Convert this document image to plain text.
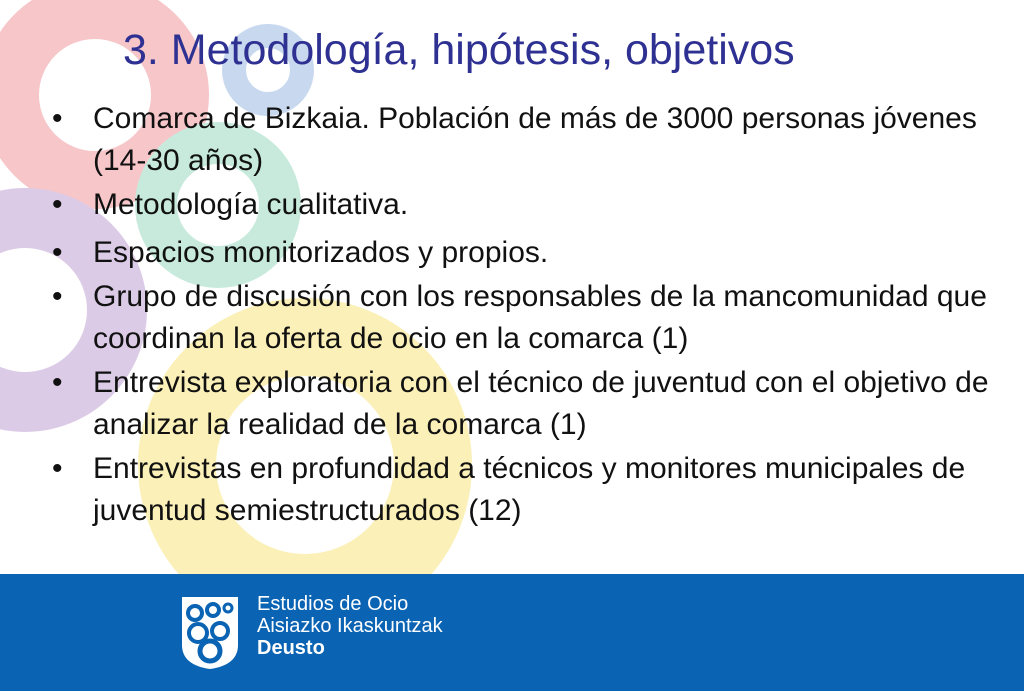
3. Metodología, hipótesis, objetivos
• Comarca de Bizkaia. Población de más de 3000 personas jóvenes (14-30 años)
• Metodología cualitativa.
• Espacios monitorizados y propios.
• Grupo de discusión con los responsables de la mancomunidad que coordinan la oferta de ocio en la comarca (1)
• Entrevista exploratoria con el técnico de juventud con el objetivo de analizar la realidad de la comarca (1)
• Entrevistas en profundidad a técnicos y monitores municipales de juventud semiestructurados (12)
Estudios de Ocio
Aisiazko Ikaskuntzak
Deusto
